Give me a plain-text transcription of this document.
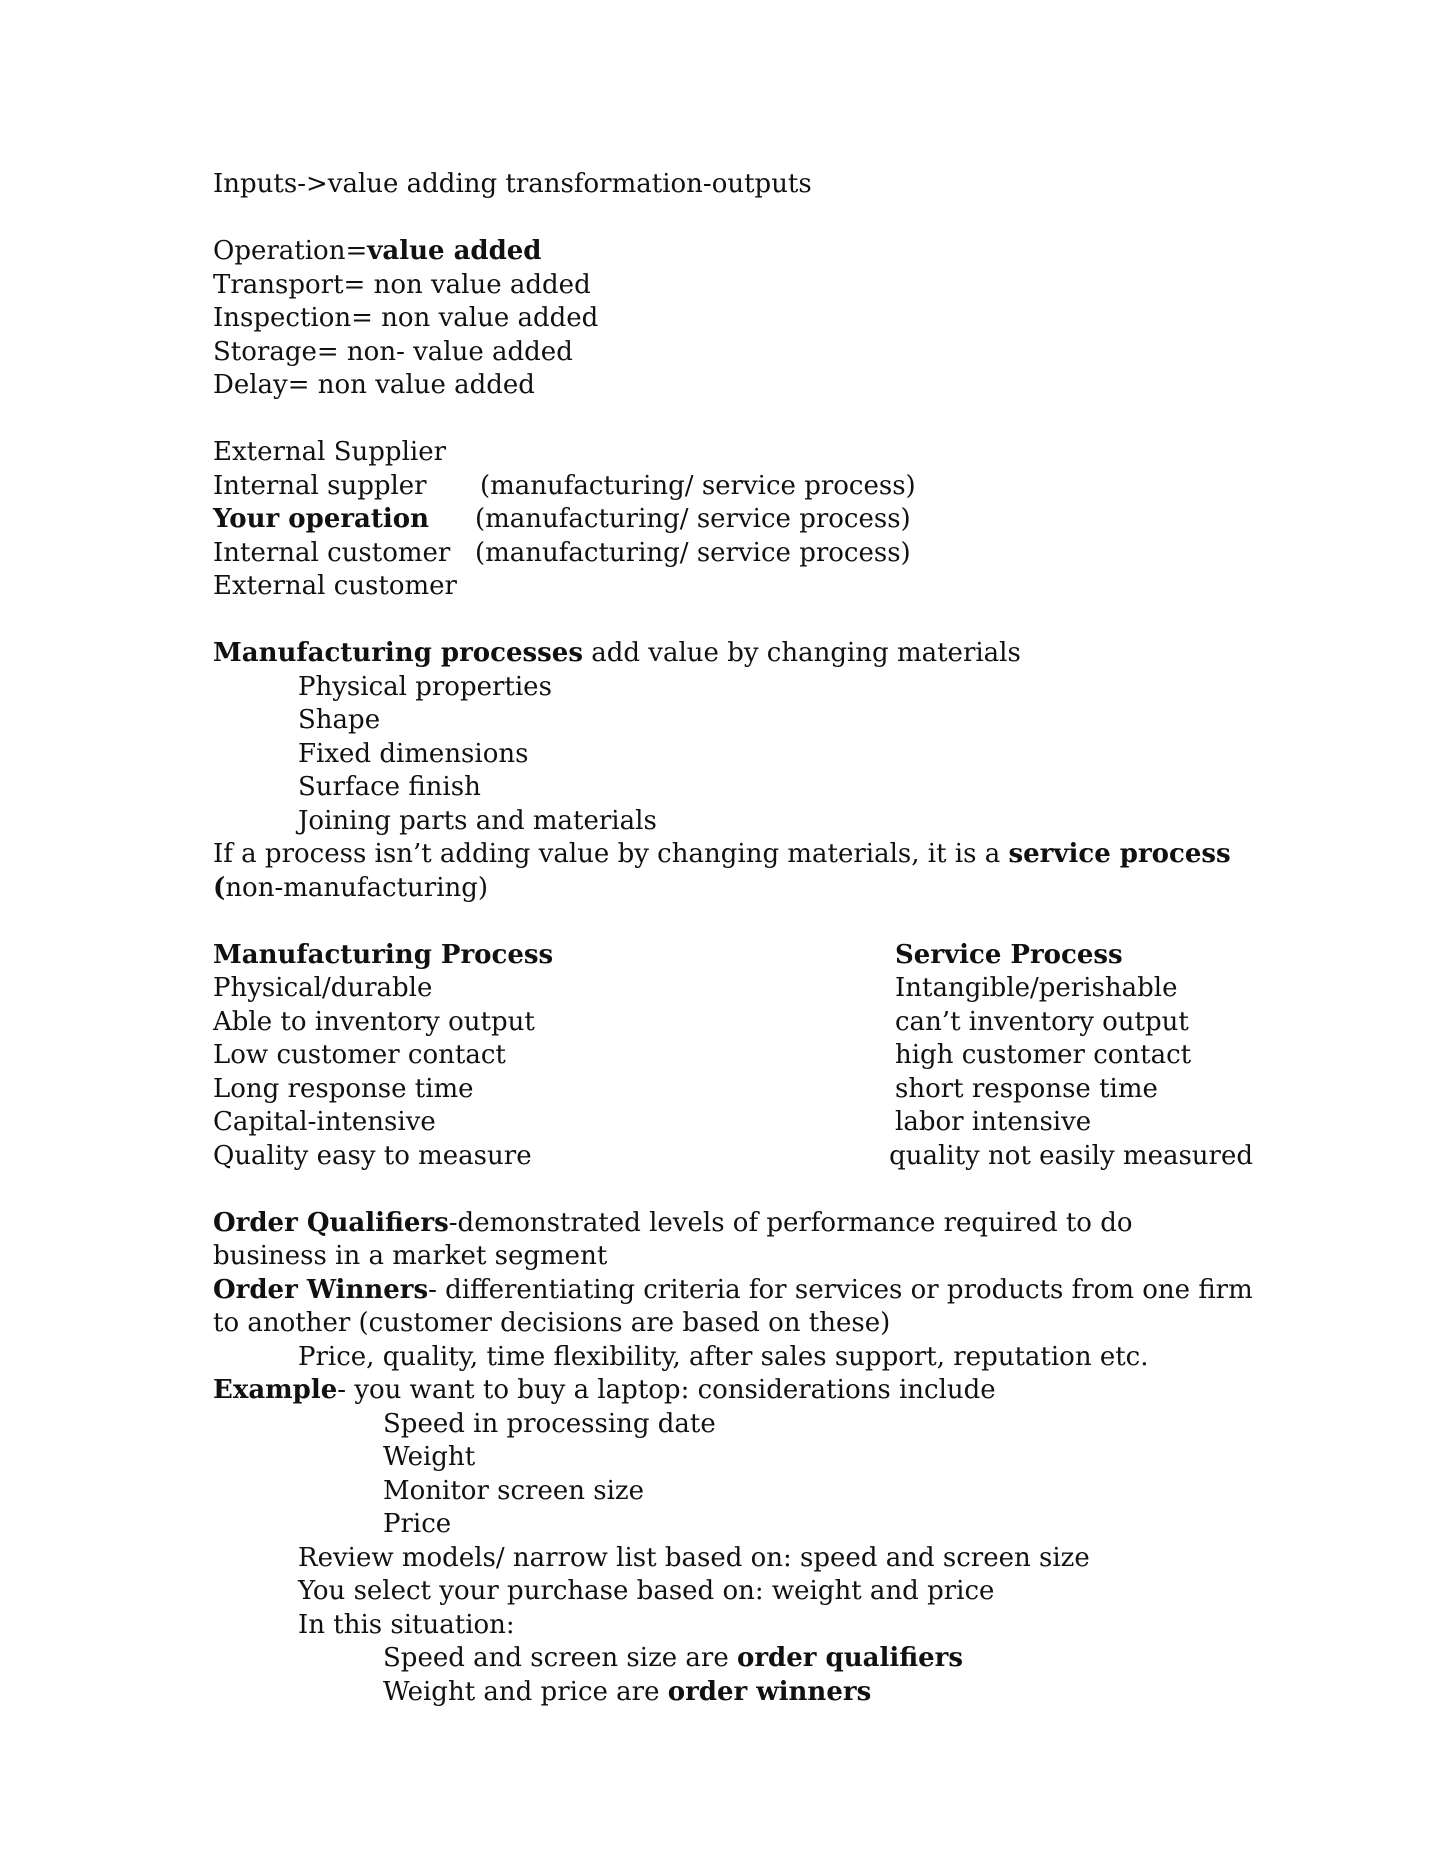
Inputs->value adding transformation-outputs
Operation=value added
Transport= non value added
Inspection= non value added
Storage= non- value added
Delay= non value added
External Supplier
Internal suppler	(manufacturing/ service process)
Your operation	(manufacturing/ service process)
Internal customer (manufacturing/ service process)
External customer
Manufacturing processes add value by changing materials
Physical properties
Shape
Fixed dimensions
Surface finish
Joining parts and materials
If a process isn’t adding value by changing materials, it is a service process (non-manufacturing)
Manufacturing Process	Service Process
Physical/durable	Intangible/perishable
Able to inventory output	can’t inventory output
Low customer contact	high customer contact
Long response time	short response time
Capital-intensive	labor intensive
Quality easy to measure	quality not easily measured
Order Qualifiers-demonstrated levels of performance required to do business in a market segment
Order Winners- differentiating criteria for services or products from one firm to another (customer decisions are based on these)
Price, quality, time flexibility, after sales support, reputation etc.
Example- you want to buy a laptop: considerations include
Speed in processing date
Weight
Monitor screen size
Price
Review models/ narrow list based on: speed and screen size
You select your purchase based on: weight and price
In this situation:
Speed and screen size are order qualifiers
Weight and price are order winners
